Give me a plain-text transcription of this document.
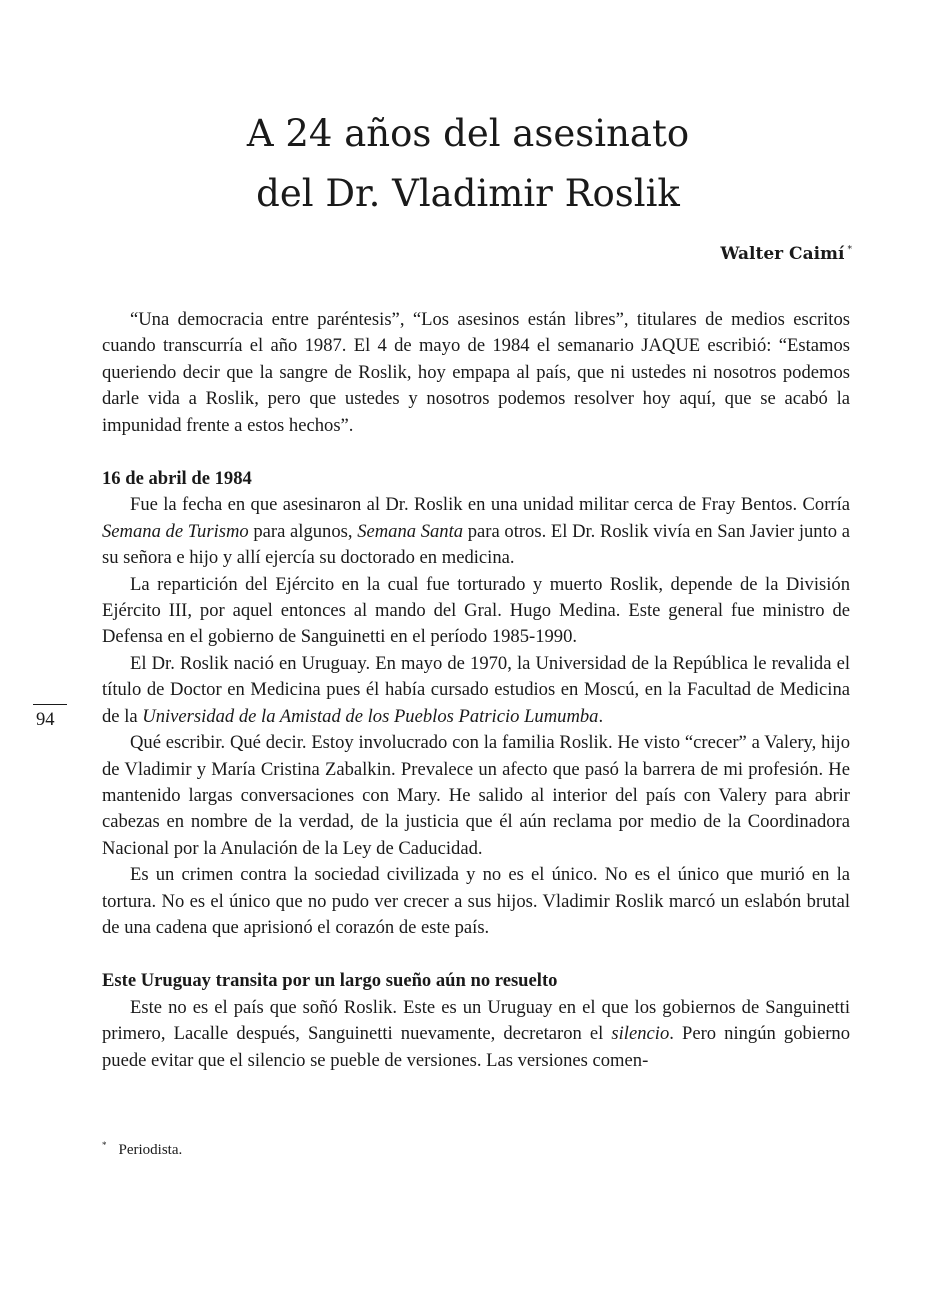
A 24 años del asesinato
del Dr. Vladimir Roslik
Walter Caimí *

“Una democracia entre paréntesis”, “Los asesinos están libres”, titulares de medios escritos cuando transcurría el año 1987. El 4 de mayo de 1984 el semanario JAQUE escribió: “Estamos queriendo decir que la sangre de Roslik, hoy empapa al país, que ni ustedes ni nosotros podemos darle vida a Roslik, pero que ustedes y nosotros podemos resolver hoy aquí, que se acabó la impunidad frente a estos hechos”.

16 de abril de 1984

Fue la fecha en que asesinaron al Dr. Roslik en una unidad militar cerca de Fray Bentos. Corría Semana de Turismo para algunos, Semana Santa para otros. El Dr. Roslik vivía en San Javier junto a su señora e hijo y allí ejercía su doctorado en medicina.

La repartición del Ejército en la cual fue torturado y muerto Roslik, depende de la División Ejército III, por aquel entonces al mando del Gral. Hugo Medina. Este general fue ministro de Defensa en el gobierno de Sanguinetti en el período 1985-1990.

El Dr. Roslik nació en Uruguay. En mayo de 1970, la Universidad de la República le revalida el título de Doctor en Medicina pues él había cursado estudios en Moscú, en la Facultad de Medicina de la Universidad de la Amistad de los Pueblos Patricio Lumumba.

Qué escribir. Qué decir. Estoy involucrado con la familia Roslik. He visto “crecer” a Valery, hijo de Vladimir y María Cristina Zabalkin. Prevalece un afecto que pasó la barrera de mi profesión. He mantenido largas conversaciones con Mary. He salido al interior del país con Valery para abrir cabezas en nombre de la verdad, de la justicia que él aún reclama por medio de la Coordinadora Nacional por la Anulación de la Ley de Caducidad.

Es un crimen contra la sociedad civilizada y no es el único. No es el único que murió en la tortura. No es el único que no pudo ver crecer a sus hijos. Vladimir Roslik marcó un eslabón brutal de una cadena que aprisionó el corazón de este país.

Este Uruguay transita por un largo sueño aún no resuelto

Este no es el país que soñó Roslik. Este es un Uruguay en el que los gobiernos de Sanguinetti primero, Lacalle después, Sanguinetti nuevamente, decretaron el silencio. Pero ningún gobierno puede evitar que el silencio se pueble de versiones. Las versiones comen-

94
* Periodista.
